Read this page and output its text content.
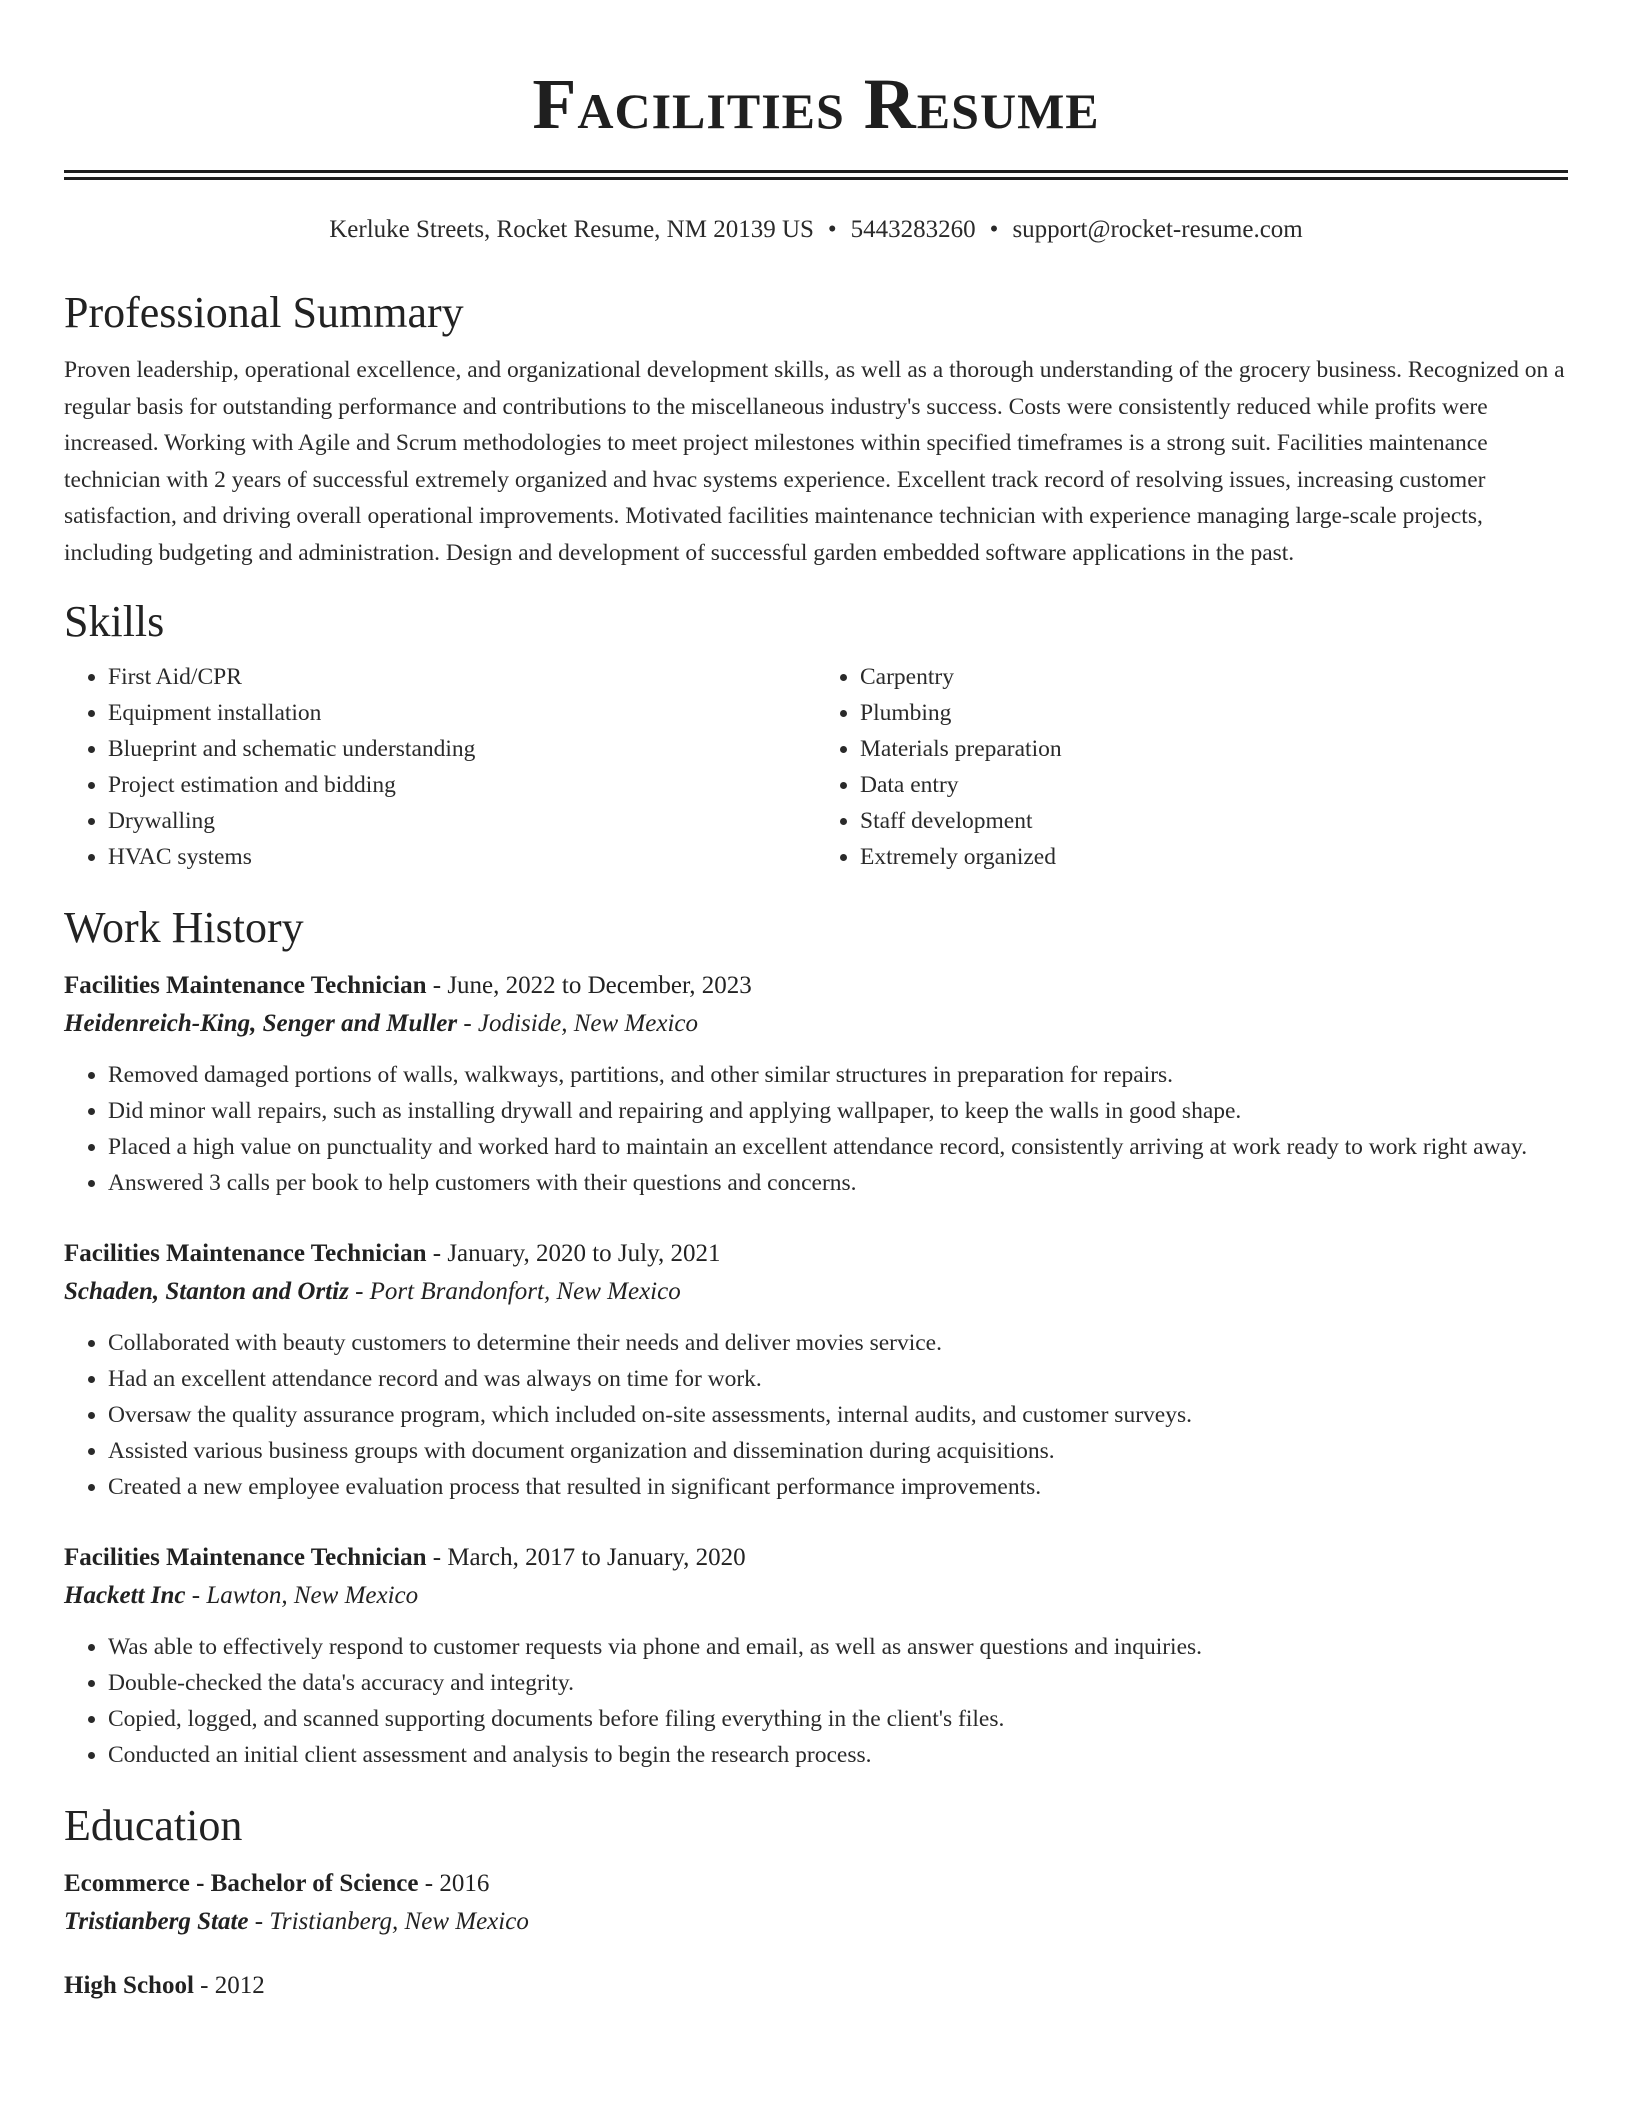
Facilities Resume
Kerluke Streets, Rocket Resume, NM 20139 US • 5443283260 • support@rocket-resume.com
Professional Summary

Proven leadership, operational excellence, and organizational development skills, as well as a thorough understanding of the grocery business. Recognized on a regular basis for outstanding performance and contributions to the miscellaneous industry's success. Costs were consistently reduced while profits were increased. Working with Agile and Scrum methodologies to meet project milestones within specified timeframes is a strong suit. Facilities maintenance technician with 2 years of successful extremely organized and hvac systems experience. Excellent track record of resolving issues, increasing customer satisfaction, and driving overall operational improvements. Motivated facilities maintenance technician with experience managing large-scale projects, including budgeting and administration. Design and development of successful garden embedded software applications in the past.

Skills
• First Aid/CPR
• Equipment installation
• Blueprint and schematic understanding
• Project estimation and bidding
• Drywalling
• HVAC systems
• Carpentry
• Plumbing
• Materials preparation
• Data entry
• Staff development
• Extremely organized
Work History
Facilities Maintenance Technician - June, 2022 to December, 2023
Heidenreich-King, Senger and Muller - Jodiside, New Mexico
• Removed damaged portions of walls, walkways, partitions, and other similar structures in preparation for repairs.
• Did minor wall repairs, such as installing drywall and repairing and applying wallpaper, to keep the walls in good shape.
• Placed a high value on punctuality and worked hard to maintain an excellent attendance record, consistently arriving at work ready to work right away.
• Answered 3 calls per book to help customers with their questions and concerns.
Facilities Maintenance Technician - January, 2020 to July, 2021
Schaden, Stanton and Ortiz - Port Brandonfort, New Mexico
• Collaborated with beauty customers to determine their needs and deliver movies service.
• Had an excellent attendance record and was always on time for work.
• Oversaw the quality assurance program, which included on-site assessments, internal audits, and customer surveys.
• Assisted various business groups with document organization and dissemination during acquisitions.
• Created a new employee evaluation process that resulted in significant performance improvements.
Facilities Maintenance Technician - March, 2017 to January, 2020
Hackett Inc - Lawton, New Mexico
• Was able to effectively respond to customer requests via phone and email, as well as answer questions and inquiries.
• Double-checked the data's accuracy and integrity.
• Copied, logged, and scanned supporting documents before filing everything in the client's files.
• Conducted an initial client assessment and analysis to begin the research process.
Education
Ecommerce - Bachelor of Science - 2016
Tristianberg State - Tristianberg, New Mexico
High School - 2012
